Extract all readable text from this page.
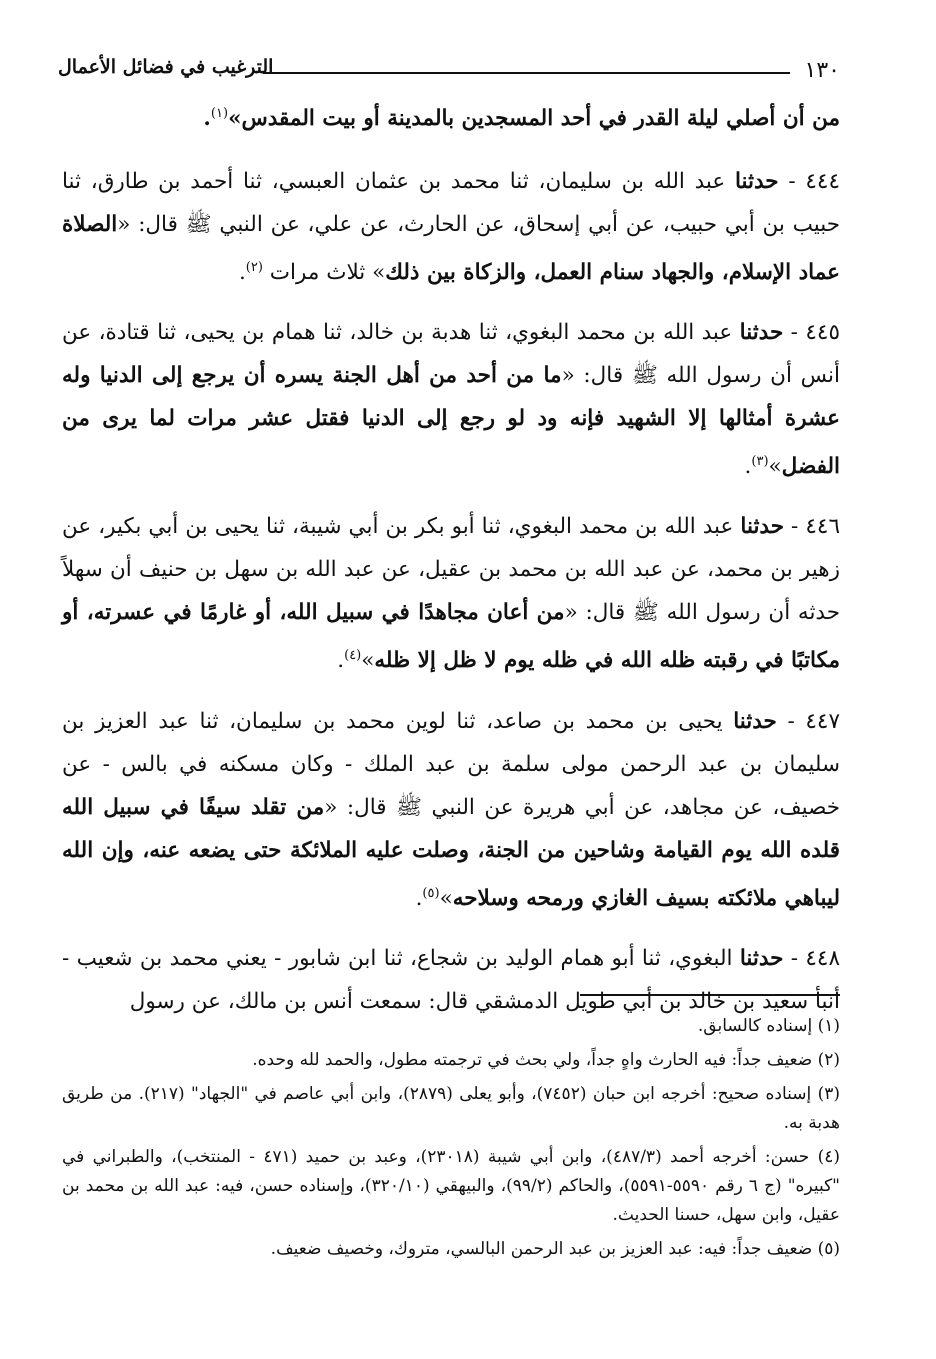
١٣٠
الترغيب في فضائل الأعمال

من أن أصلي ليلة القدر في أحد المسجدين بالمدينة أو بيت المقدس»$^{(١)}$.

٤٤٤ - حدثنا عبد الله بن سليمان، ثنا محمد بن عثمان العبسي، ثنا أحمد بن طارق، ثنا حبيب بن أبي حبيب، عن أبي إسحاق، عن الحارث، عن علي، عن النبي ﷺ قال: «الصلاة عماد الإسلام، والجهاد سنام العمل، والزكاة بين ذلك» ثلاث مرات $^{(٢)}$.

٤٤٥ - حدثنا عبد الله بن محمد البغوي، ثنا هدبة بن خالد، ثنا همام بن يحيى، ثنا قتادة، عن أنس أن رسول الله ﷺ قال: «ما من أحد من أهل الجنة يسره أن يرجع إلى الدنيا وله عشرة أمثالها إلا الشهيد فإنه ود لو رجع إلى الدنيا فقتل عشر مرات لما يرى من الفضل»$^{(٣)}$.

٤٤٦ - حدثنا عبد الله بن محمد البغوي، ثنا أبو بكر بن أبي شيبة، ثنا يحيى بن أبي بكير، عن زهير بن محمد، عن عبد الله بن محمد بن عقيل، عن عبد الله بن سهل بن حنيف أن سهلاً حدثه أن رسول الله ﷺ قال: «من أعان مجاهدًا في سبيل الله، أو غارمًا في عسرته، أو مكاتبًا في رقبته ظله الله في ظله يوم لا ظل إلا ظله»$^{(٤)}$.

٤٤٧ - حدثنا يحيى بن محمد بن صاعد، ثنا لوين محمد بن سليمان، ثنا عبد العزيز بن سليمان بن عبد الرحمن مولى سلمة بن عبد الملك - وكان مسكنه في بالس - عن خصيف، عن مجاهد، عن أبي هريرة عن النبي ﷺ قال: «من تقلد سيفًا في سبيل الله قلده الله يوم القيامة وشاحين من الجنة، وصلت عليه الملائكة حتى يضعه عنه، وإن الله ليباهي ملائكته بسيف الغازي ورمحه وسلاحه»$^{(٥)}$.

٤٤٨ - حدثنا البغوي، ثنا أبو همام الوليد بن شجاع، ثنا ابن شابور - يعني محمد بن شعيب - أنبأ سعيد بن خالد بن أبي طويل الدمشقي قال: سمعت أنس بن مالك، عن رسول

(١) إسناده كالسابق.

(٢) ضعيف جداً: فيه الحارث واهٍ جداً، ولي بحث في ترجمته مطول، والحمد لله وحده.

(٣) إسناده صحيح: أخرجه ابن حبان (٧٤٥٢)، وأبو يعلى (٢٨٧٩)، وابن أبي عاصم في "الجهاد" (٢١٧). من طريق هدبة به.

(٤) حسن: أخرجه أحمد (٤٨٧/٣)، وابن أبي شيبة (٢٣٠١٨)، وعبد بن حميد (٤٧١ - المنتخب)، والطبراني في "كبيره" (ج ٦ رقم ٥٥٩٠-٥٥٩١)، والحاكم (٩٩/٢)، والبيهقي (٣٢٠/١٠)، وإسناده حسن، فيه: عبد الله بن محمد بن عقيل، وابن سهل، حسنا الحديث.

(٥) ضعيف جداً: فيه: عبد العزيز بن عبد الرحمن البالسي، متروك، وخصيف ضعيف.
